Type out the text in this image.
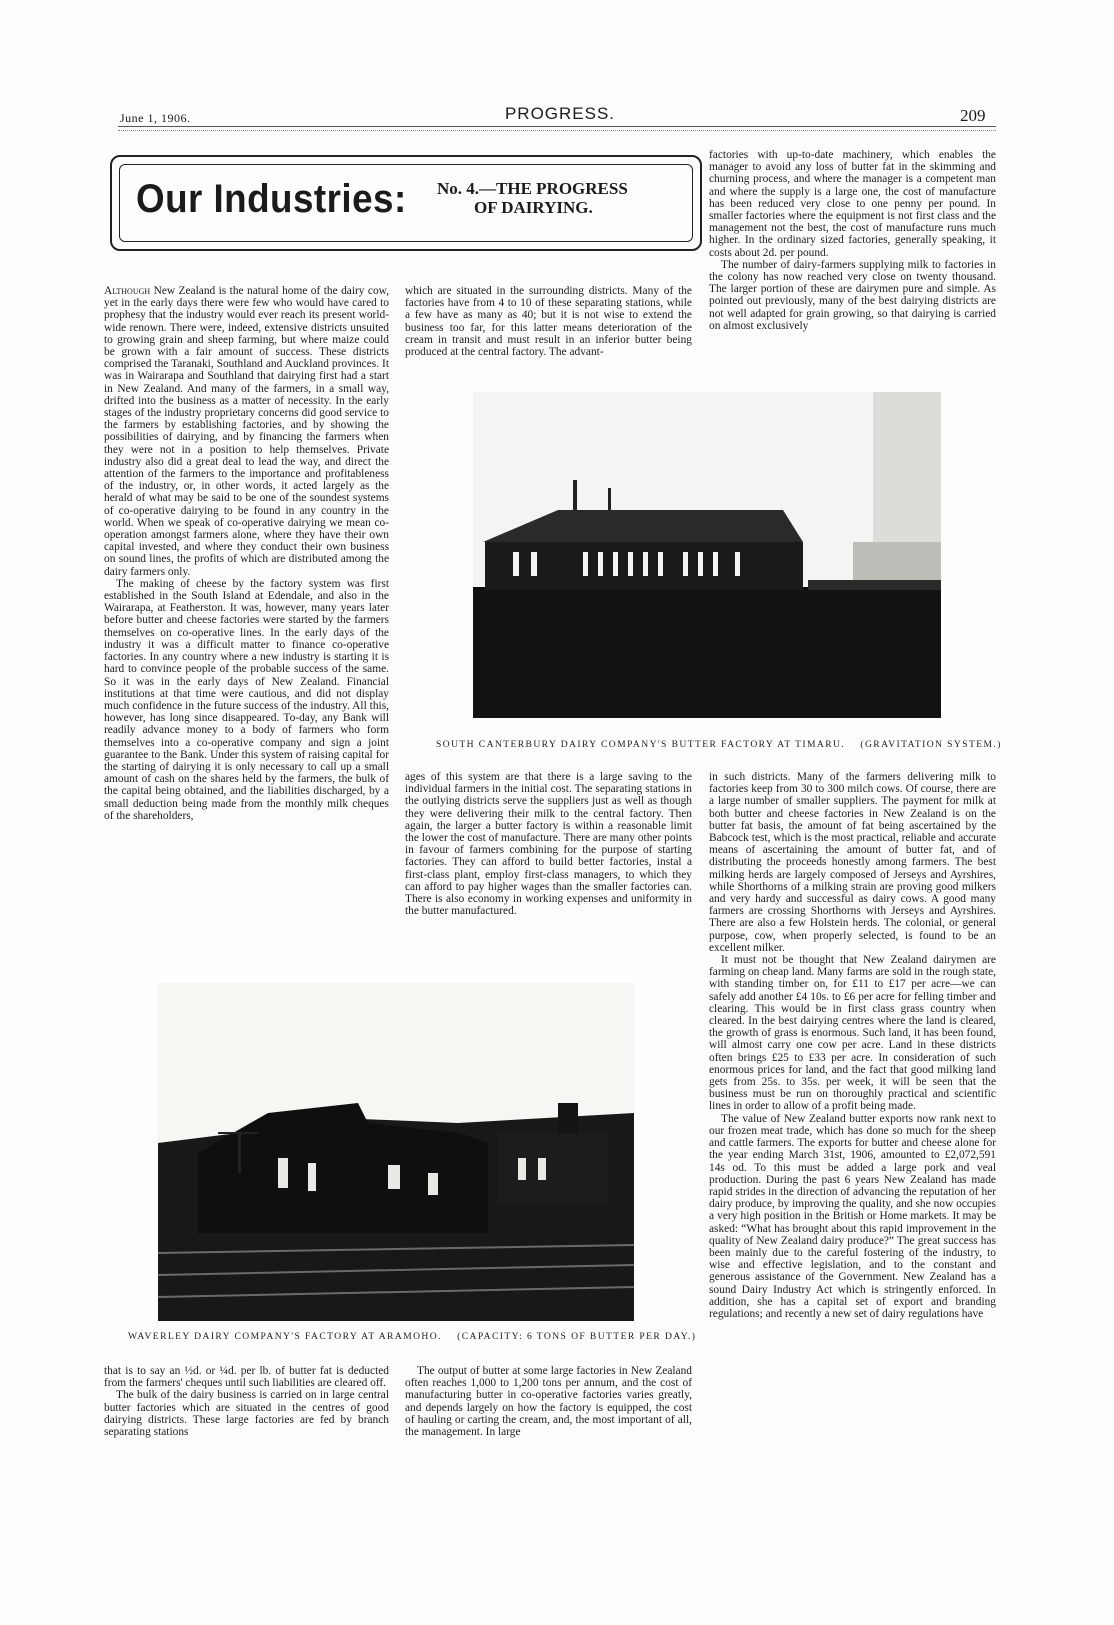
June 1, 1906.	PROGRESS.	209
Our Industries: No. 4.—THE PROGRESS
OF DAIRYING.

Although New Zealand is the natural home of the dairy cow, yet in the early days there were few who would have cared to prophesy that the industry would ever reach its present world-wide renown. There were, indeed, extensive districts unsuited to growing grain and sheep farming, but where maize could be grown with a fair amount of success. These districts comprised the Taranaki, Southland and Auckland provinces. It was in Wairarapa and Southland that dairying first had a start in New Zealand. And many of the farmers, in a small way, drifted into the business as a matter of necessity. In the early stages of the industry proprietary concerns did good service to the farmers by establishing factories, and by showing the possibilities of dairying, and by financing the farmers when they were not in a position to help themselves. Private industry also did a great deal to lead the way, and direct the attention of the farmers to the importance and profitableness of the industry, or, in other words, it acted largely as the herald of what may be said to be one of the soundest systems of co-operative dairying to be found in any country in the world. When we speak of co-operative dairying we mean co-operation amongst farmers alone, where they have their own capital invested, and where they conduct their own business on sound lines, the profits of which are distributed among the dairy farmers only.

The making of cheese by the factory system was first established in the South Island at Edendale, and also in the Wairarapa, at Featherston. It was, however, many years later before butter and cheese factories were started by the farmers themselves on co-operative lines. In the early days of the industry it was a difficult matter to finance co-operative factories. In any country where a new industry is starting it is hard to convince people of the probable success of the same. So it was in the early days of New Zealand. Financial institutions at that time were cautious, and did not display much confidence in the future success of the industry. All this, however, has long since disappeared. To-day, any Bank will readily advance money to a body of farmers who form themselves into a co-operative company and sign a joint guarantee to the Bank. Under this system of raising capital for the starting of dairying it is only necessary to call up a small amount of cash on the shares held by the farmers, the bulk of the capital being obtained, and the liabilities discharged, by a small deduction being made from the monthly milk cheques of the shareholders,

which are situated in the surrounding districts. Many of the factories have from 4 to 10 of these separating stations, while a few have as many as 40; but it is not wise to extend the business too far, for this latter means deterioration of the cream in transit and must result in an inferior butter being produced at the central factory. The advant-

factories with up-to-date machinery, which enables the manager to avoid any loss of butter fat in the skimming and churning process, and where the manager is a competent man and where the supply is a large one, the cost of manufacture has been reduced very close to one penny per pound. In smaller factories where the equipment is not first class and the management not the best, the cost of manufacture runs much higher. In the ordinary sized factories, generally speaking, it costs about 2d. per pound.

The number of dairy-farmers supplying milk to factories in the colony has now reached very close on twenty thousand. The larger portion of these are dairymen pure and simple. As pointed out previously, many of the best dairying districts are not well adapted for grain growing, so that dairying is carried on almost exclusively

SOUTH CANTERBURY DAIRY COMPANY'S BUTTER FACTORY AT TIMARU. (GRAVITATION SYSTEM.)

ages of this system are that there is a large saving to the individual farmers in the initial cost. The separating stations in the outlying districts serve the suppliers just as well as though they were delivering their milk to the central factory. Then again, the larger a butter factory is within a reasonable limit the lower the cost of manufacture. There are many other points in favour of farmers combining for the purpose of starting factories. They can afford to build better factories, instal a first-class plant, employ first-class managers, to which they can afford to pay higher wages than the smaller factories can. There is also economy in working expenses and uniformity in the butter manufactured.

in such districts. Many of the farmers delivering milk to factories keep from 30 to 300 milch cows. Of course, there are a large number of smaller suppliers. The payment for milk at both butter and cheese factories in New Zealand is on the butter fat basis, the amount of fat being ascertained by the Babcock test, which is the most practical, reliable and accurate means of ascertaining the amount of butter fat, and of distributing the proceeds honestly among farmers. The best milking herds are largely composed of Jerseys and Ayrshires, while Shorthorns of a milking strain are proving good milkers and very hardy and successful as dairy cows. A good many farmers are crossing Shorthorns with Jerseys and Ayrshires. There are also a few Holstein herds. The colonial, or general purpose, cow, when properly selected, is found to be an excellent milker.

It must not be thought that New Zealand dairymen are farming on cheap land. Many farms are sold in the rough state, with standing timber on, for £11 to £17 per acre—we can safely add another £4 10s. to £6 per acre for felling timber and clearing. This would be in first class grass country when cleared. In the best dairying centres where the land is cleared, the growth of grass is enormous. Such land, it has been found, will almost carry one cow per acre. Land in these districts often brings £25 to £33 per acre. In consideration of such enormous prices for land, and the fact that good milking land gets from 25s. to 35s. per week, it will be seen that the business must be run on thoroughly practical and scientific lines in order to allow of a profit being made.

The value of New Zealand butter exports now rank next to our frozen meat trade, which has done so much for the sheep and cattle farmers. The exports for butter and cheese alone for the year ending March 31st, 1906, amounted to £2,072,591 14s od. To this must be added a large pork and veal production. During the past 6 years New Zealand has made rapid strides in the direction of advancing the reputation of her dairy produce, by improving the quality, and she now occupies a very high position in the British or Home markets. It may be asked: “What has brought about this rapid improvement in the quality of New Zealand dairy produce?” The great success has been mainly due to the careful fostering of the industry, to wise and effective legislation, and to the constant and generous assistance of the Government. New Zealand has a sound Dairy Industry Act which is stringently enforced. In addition, she has a capital set of export and branding regulations; and recently a new set of dairy regulations have

WAVERLEY DAIRY COMPANY'S FACTORY AT ARAMOHO. (CAPACITY: 6 TONS OF BUTTER PER DAY.)

that is to say an ½d. or ¼d. per lb. of butter fat is deducted from the farmers' cheques until such liabilities are cleared off.

The bulk of the dairy business is carried on in large central butter factories which are situated in the centres of good dairying districts. These large factories are fed by branch separating stations

The output of butter at some large factories in New Zealand often reaches 1,000 to 1,200 tons per annum, and the cost of manufacturing butter in co-operative factories varies greatly, and depends largely on how the factory is equipped, the cost of hauling or carting the cream, and, the most important of all, the management. In large
